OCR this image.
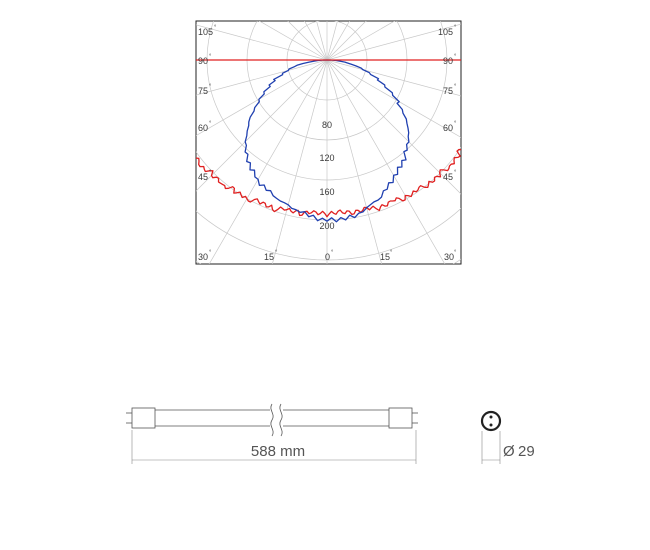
80
120
160
200
105
90
75
60
45
30
°
°
°
°
°
°
105
90
75
60
45
30
°
°
°
°
°
°
15	0	15
°	°	°
588 mm	Ø 29
